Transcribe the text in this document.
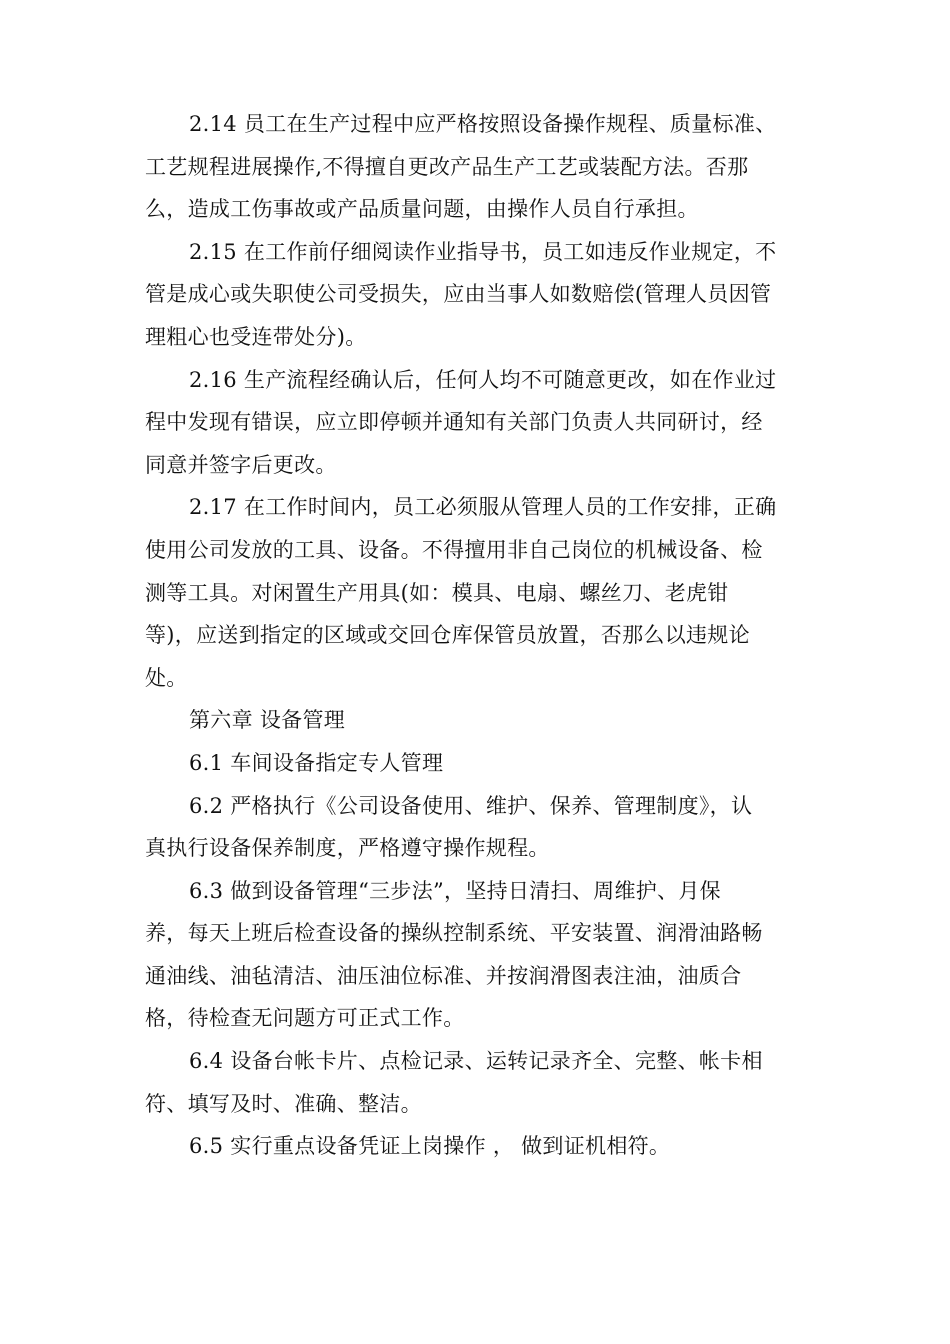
2.14 员工在生产过程中应严格按照设备操作规程、质量标准、
工艺规程进展操作,不得擅自更改产品生产工艺或装配方法。否那
么，造成工伤事故或产品质量问题，由操作人员自行承担。
2.15 在工作前仔细阅读作业指导书，员工如违反作业规定，不
管是成心或失职使公司受损失，应由当事人如数赔偿(管理人员因管
理粗心也受连带处分)。
2.16 生产流程经确认后，任何人均不可随意更改，如在作业过
程中发现有错误，应立即停顿并通知有关部门负责人共同研讨，经
同意并签字后更改。
2.17 在工作时间内，员工必须服从管理人员的工作安排，正确
使用公司发放的工具、设备。不得擅用非自己岗位的机械设备、检
测等工具。对闲置生产用具(如：模具、电扇、螺丝刀、老虎钳
等)，应送到指定的区域或交回仓库保管员放置，否那么以违规论
处。
第六章 设备管理
6.1 车间设备指定专人管理
6.2 严格执行《公司设备使用、维护、保养、管理制度》，认
真执行设备保养制度，严格遵守操作规程。
6.3 做到设备管理“三步法”，坚持日清扫、周维护、月保
养，每天上班后检查设备的操纵控制系统、平安装置、润滑油路畅
通油线、油毡清洁、油压油位标准、并按润滑图表注油，油质合
格，待检查无问题方可正式工作。
6.4 设备台帐卡片、点检记录、运转记录齐全、完整、帐卡相
符、填写及时、准确、整洁。
6.5 实行重点设备凭证上岗操作 ， 做到证机相符。
